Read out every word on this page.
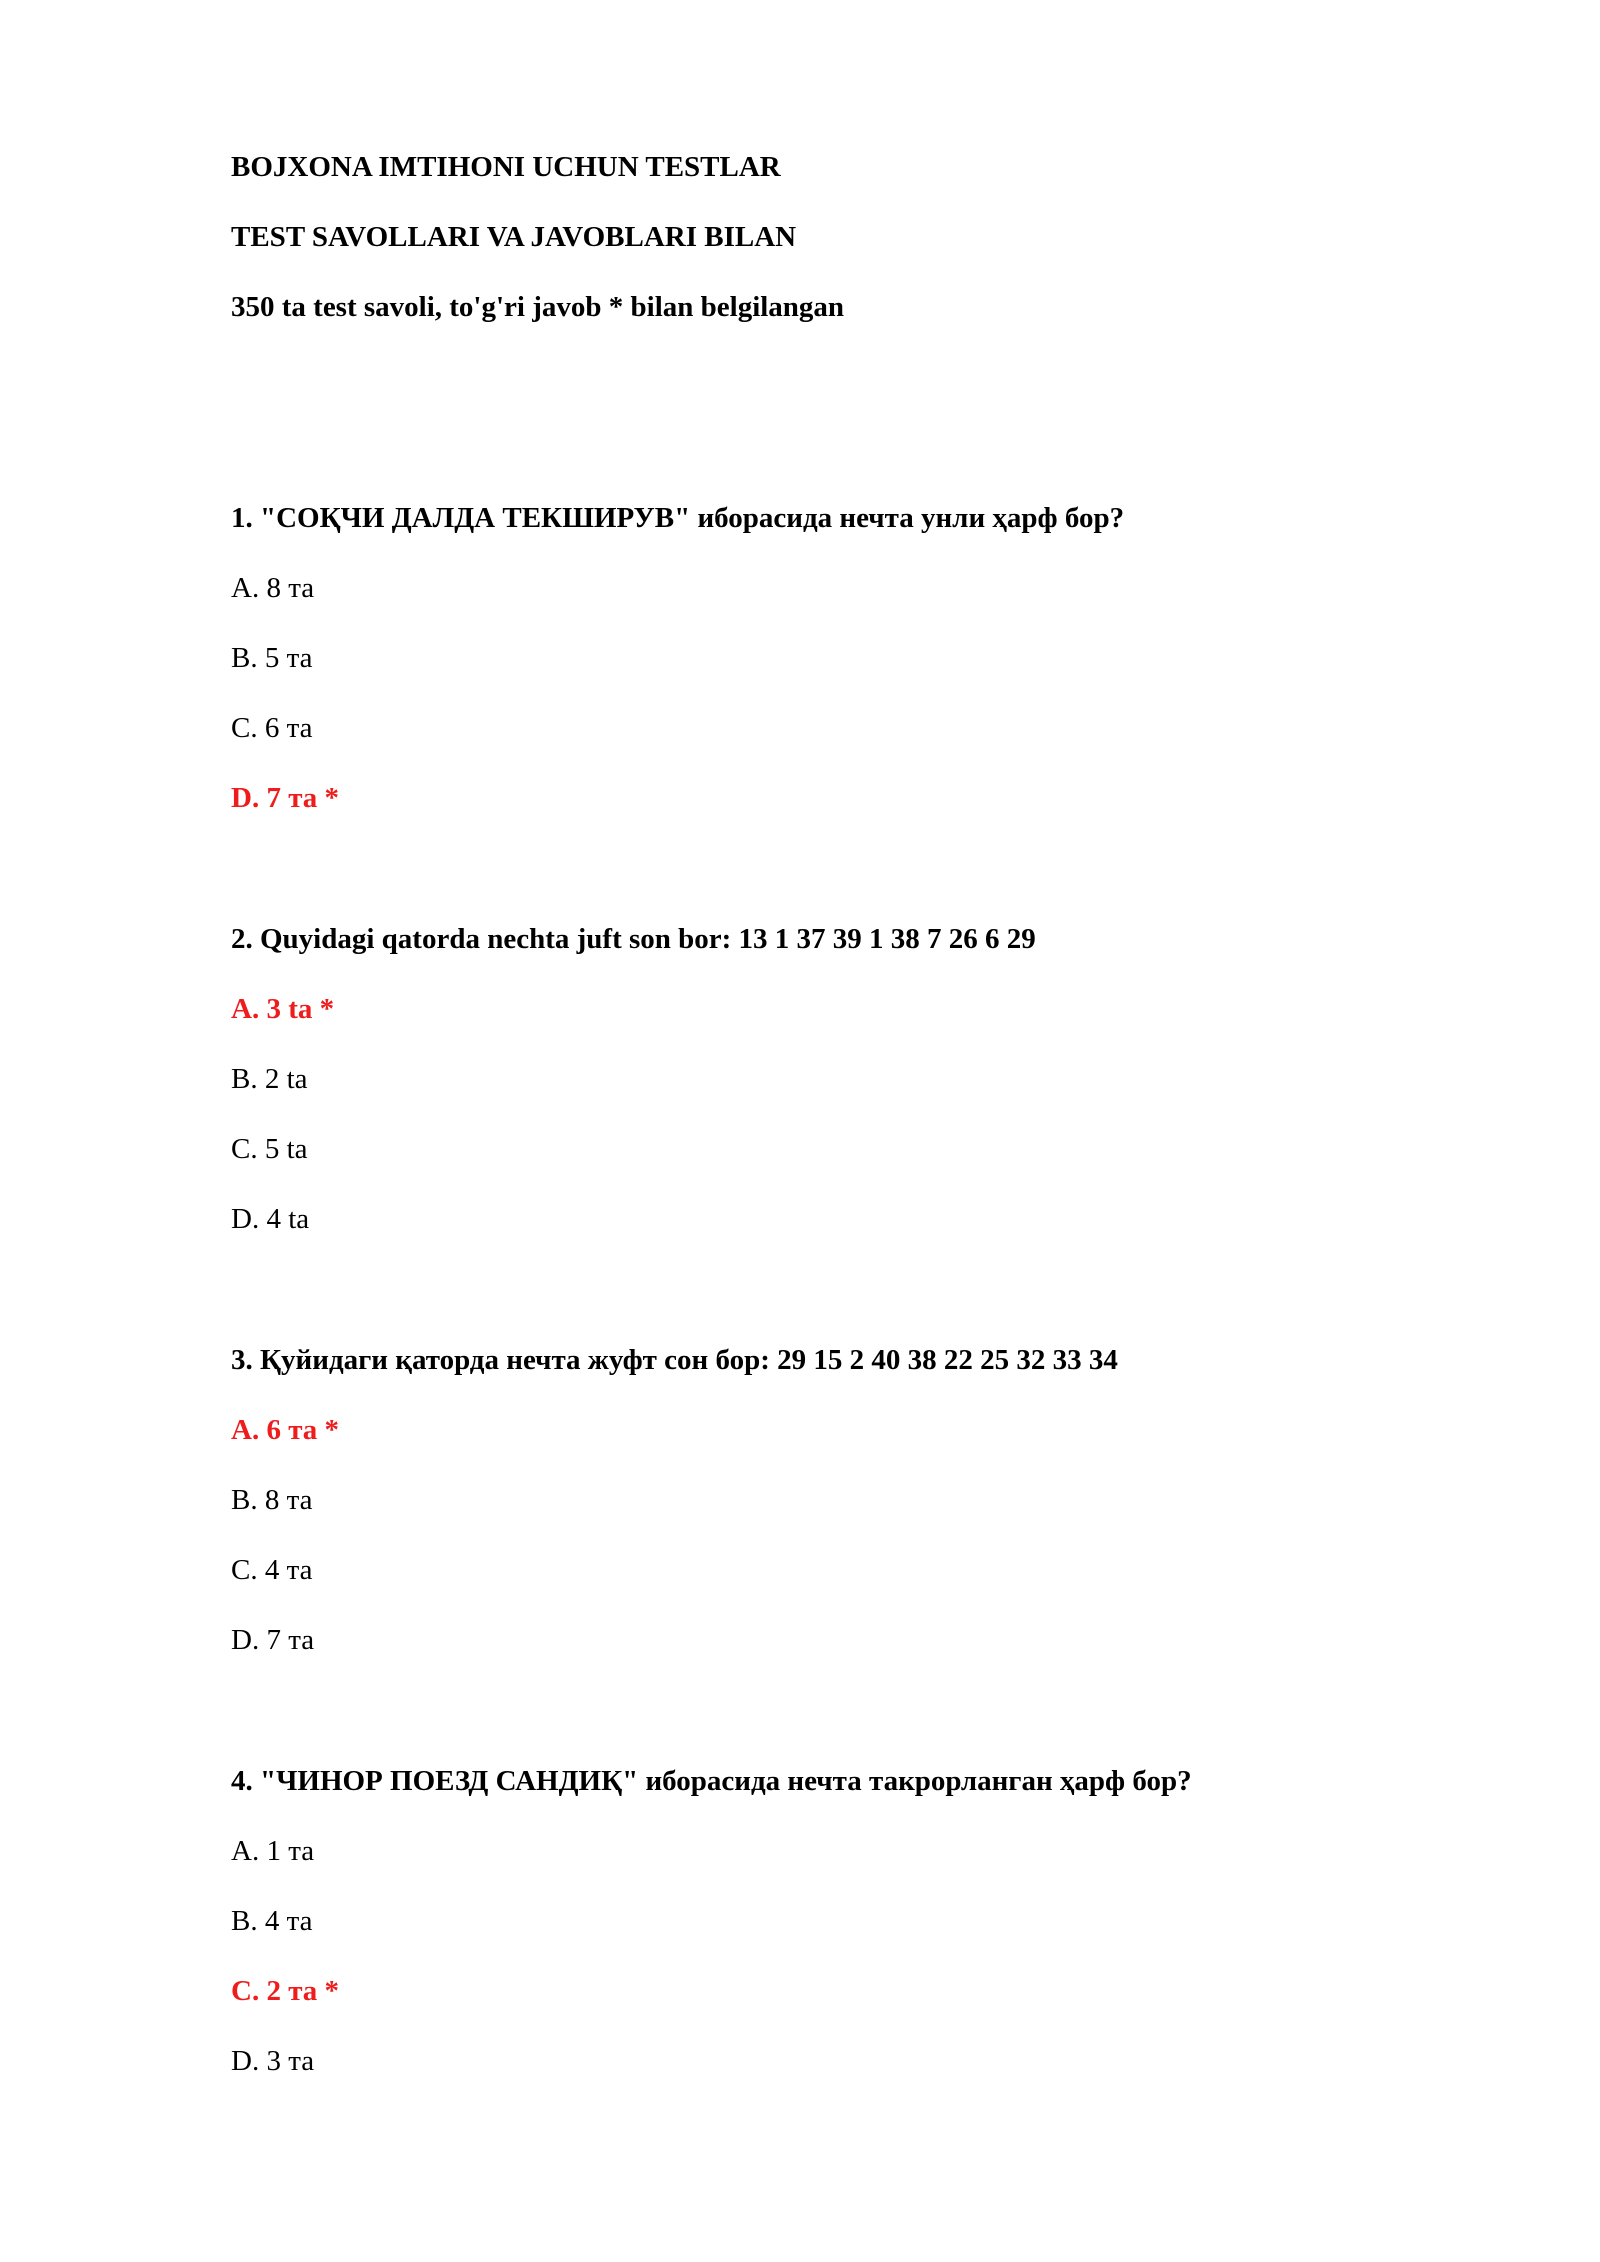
BOJXONA IMTIHONI UCHUN TESTLAR
TEST SAVOLLARI VA JAVOBLARI BILAN
350 ta test savoli, to'g'ri javob * bilan belgilangan
1. "СОҚЧИ ДАЛДА ТЕКШИРУВ" иборасида нечта унли ҳарф бор?
A. 8 та
B. 5 та
C. 6 та
D. 7 та *
2. Quyidagi qatorda nechta juft son bor: 13 1 37 39 1 38 7 26 6 29
A. 3 ta *
B. 2 ta
C. 5 ta
D. 4 ta
3. Қуйидаги қаторда нечта жуфт сон бор: 29 15 2 40 38 22 25 32 33 34
A. 6 та *
B. 8 та
C. 4 та
D. 7 та
4. "ЧИНОР ПОЕЗД САНДИҚ" иборасида нечта такрорланган ҳарф бор?
A. 1 та
B. 4 та
C. 2 та *
D. 3 та
